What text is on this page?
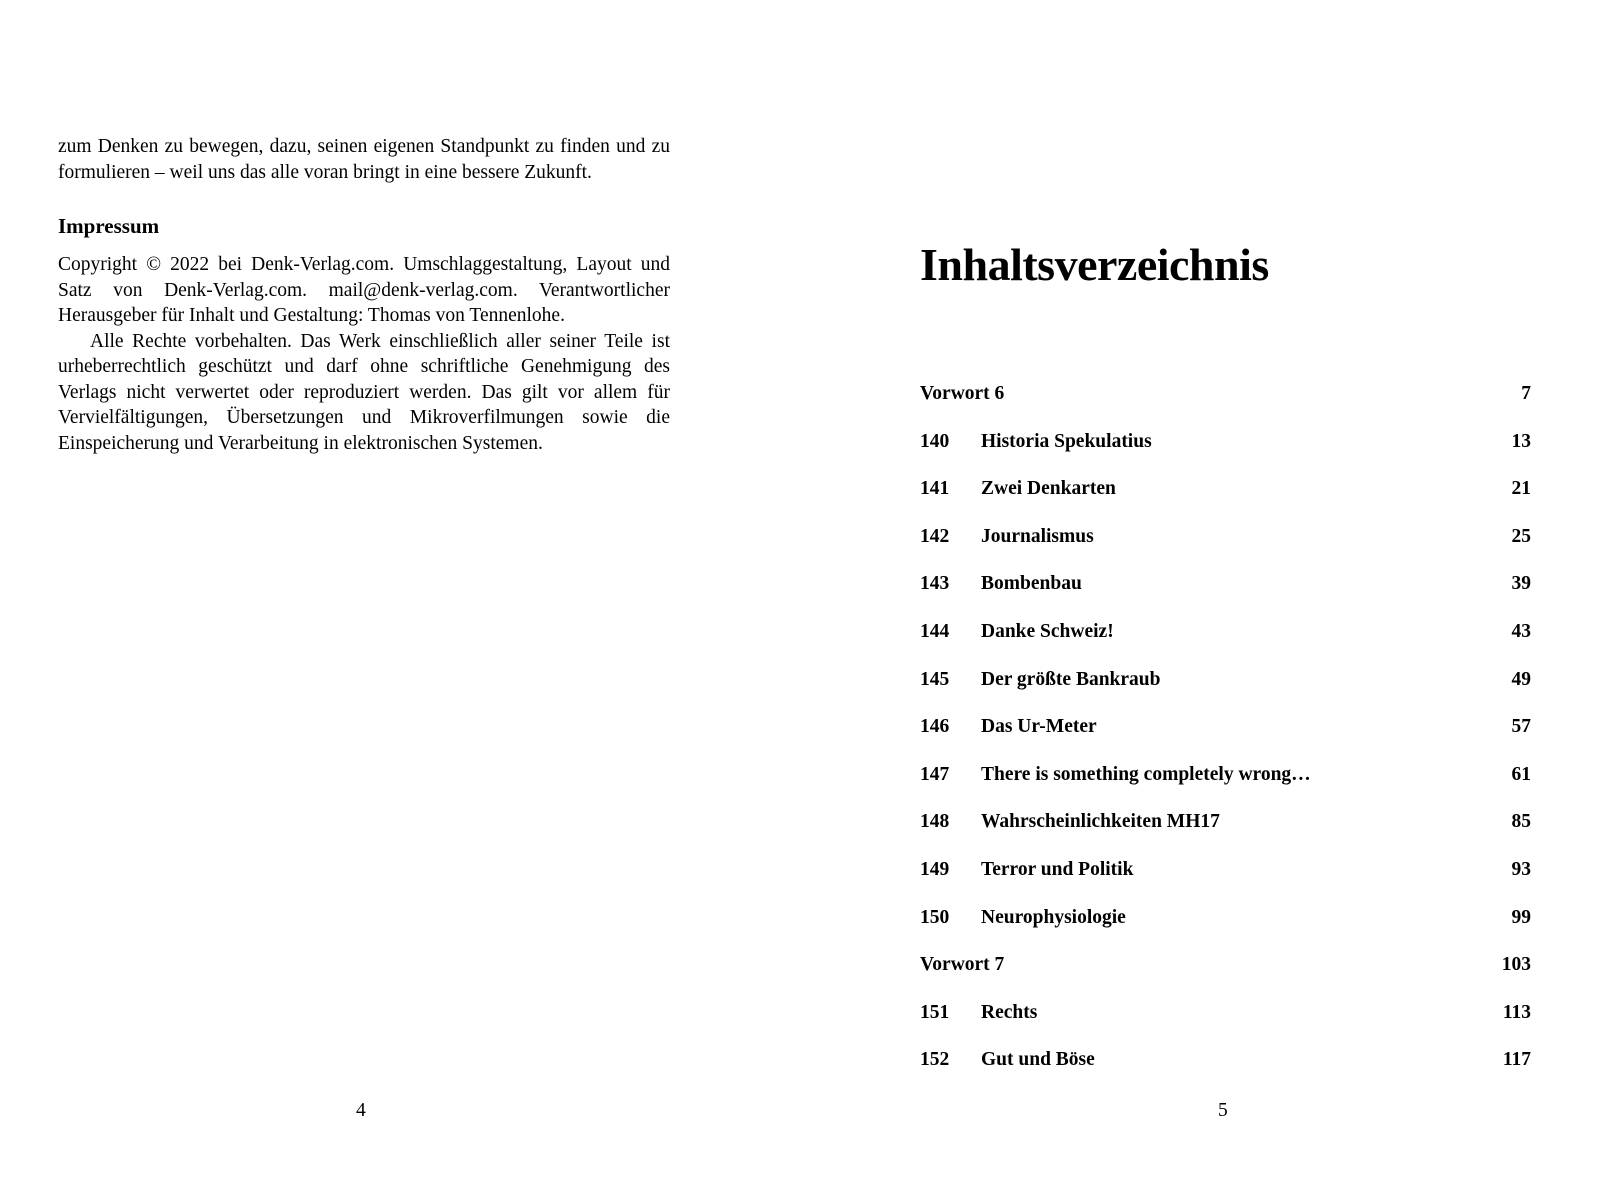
zum Denken zu bewegen, dazu, seinen eigenen Standpunkt zu finden und zu formulieren – weil uns das alle voran bringt in eine bessere Zukunft.
Impressum

Copyright © 2022 bei Denk-Verlag.com. Umschlaggestaltung, Layout und Satz von Denk-Verlag.com. mail@denk-verlag.com. Verantwortlicher Herausgeber für Inhalt und Gestaltung: Thomas von Tennenlohe.

Alle Rechte vorbehalten. Das Werk einschließlich aller seiner Teile ist urheberrechtlich geschützt und darf ohne schriftliche Genehmigung des Verlags nicht verwertet oder reproduziert werden. Das gilt vor allem für Vervielfältigungen, Übersetzungen und Mikroverfilmungen sowie die Einspeicherung und Verarbeitung in elektronischen Systemen.

4
Inhaltsverzeichnis
Vorwort 6	7
140 Historia Spekulatius	13
141 Zwei Denkarten	21
142 Journalismus	25
143 Bombenbau	39
144 Danke Schweiz!	43
145 Der größte Bankraub	49
146 Das Ur-Meter	57
147 There is something completely wrong…	61
148 Wahrscheinlichkeiten MH17	85
149 Terror und Politik	93
150 Neurophysiologie	99
Vorwort 7	103
151 Rechts	113
152 Gut und Böse	117
5
